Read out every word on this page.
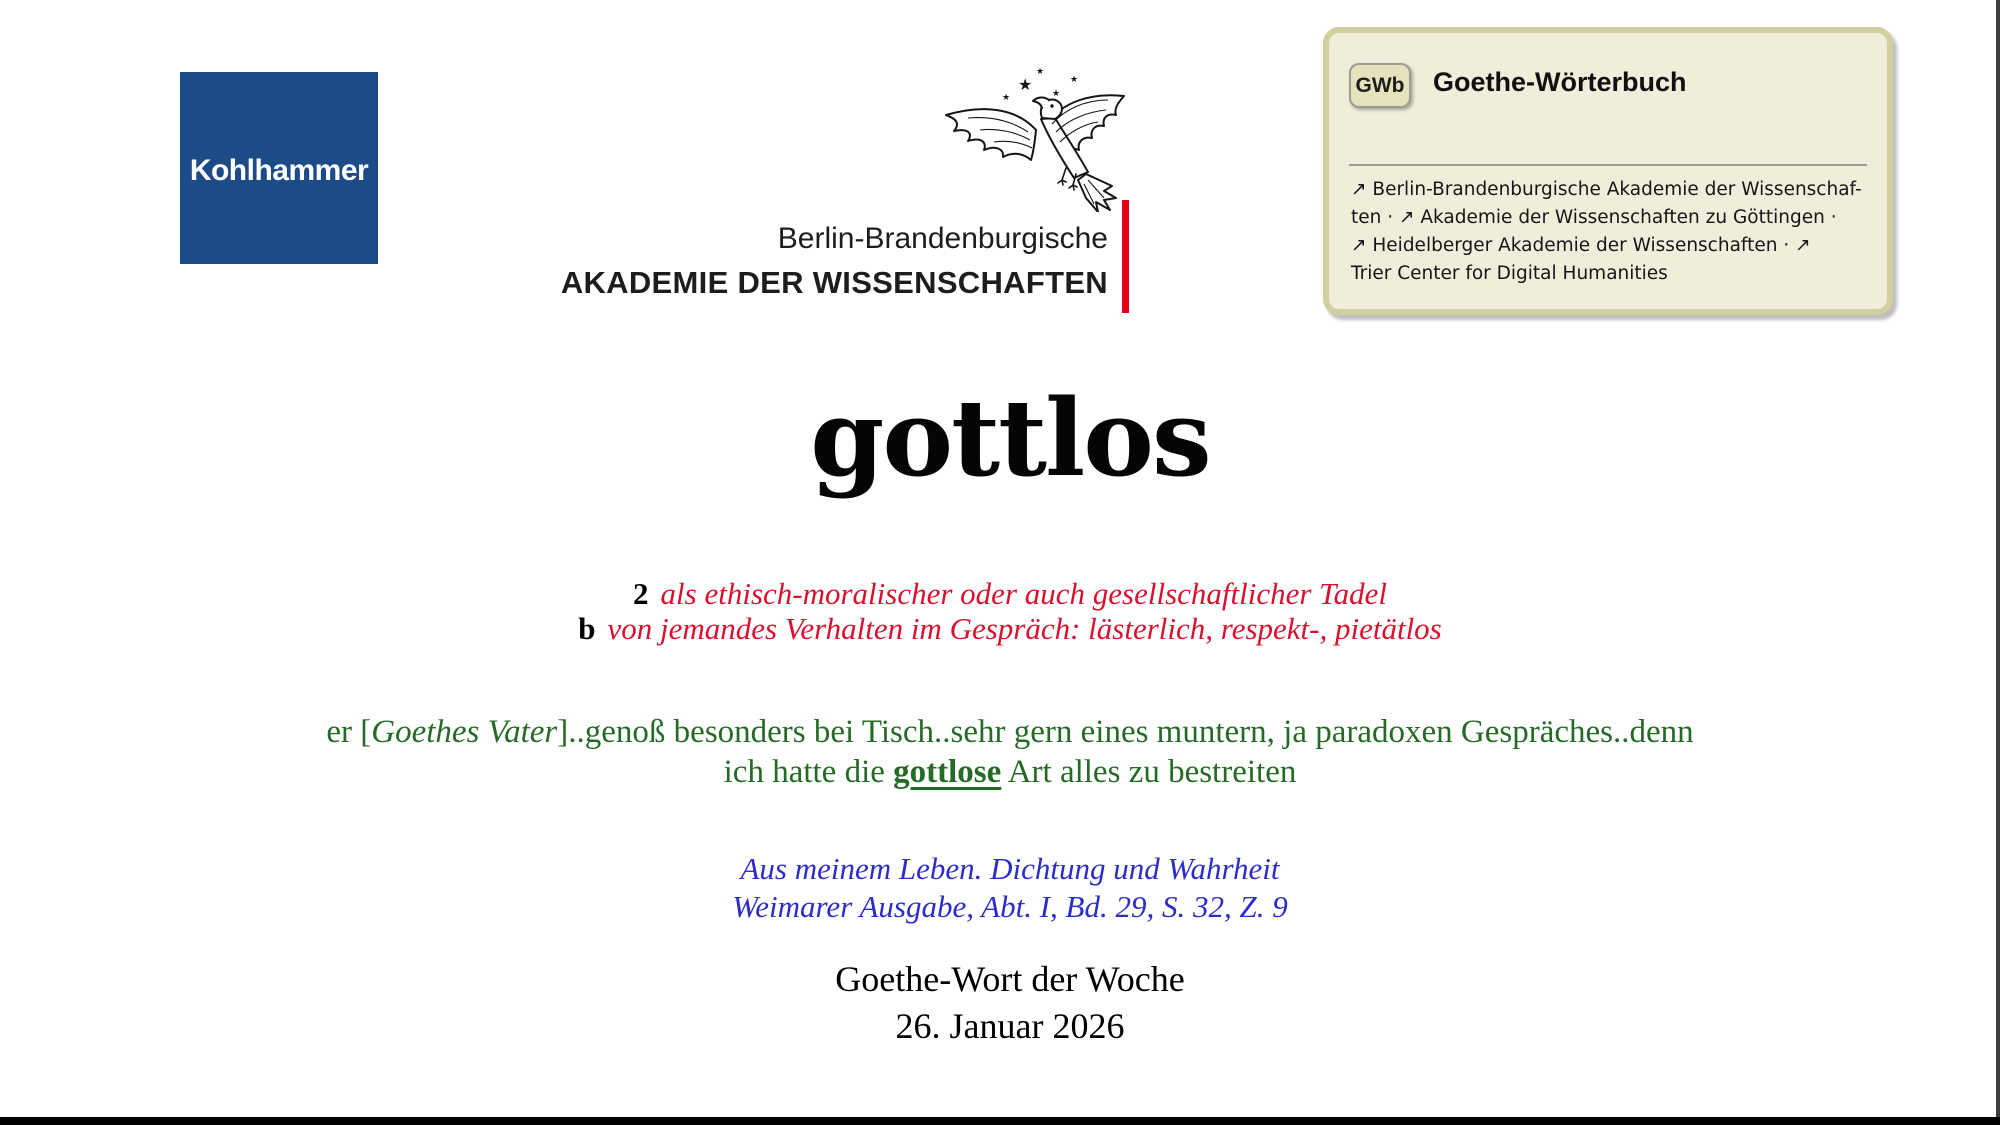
Kohlhammer
★
★
★
★
★
Berlin-Brandenburgische
AKADEMIE DER WISSENSCHAFTEN
GWb Goethe-Wörterbuch
↗ Berlin-Brandenburgische Akademie der Wissenschaf-
ten · ↗ Akademie der Wissenschaften zu Göttingen ·
↗ Heidelberger Akademie der Wissenschaften · ↗
Trier Center for Digital Humanities
gottlos
2 als ethisch-moralischer oder auch gesellschaftlicher Tadel
b von jemandes Verhalten im Gespräch: lästerlich, respekt-, pietätlos
er [Goethes Vater]..genoß besonders bei Tisch..sehr gern eines muntern, ja paradoxen Gespräches..denn
ich hatte die gottlose Art alles zu bestreiten
Aus meinem Leben. Dichtung und Wahrheit
Weimarer Ausgabe, Abt. I, Bd. 29, S. 32, Z. 9
Goethe-Wort der Woche
26. Januar 2026
